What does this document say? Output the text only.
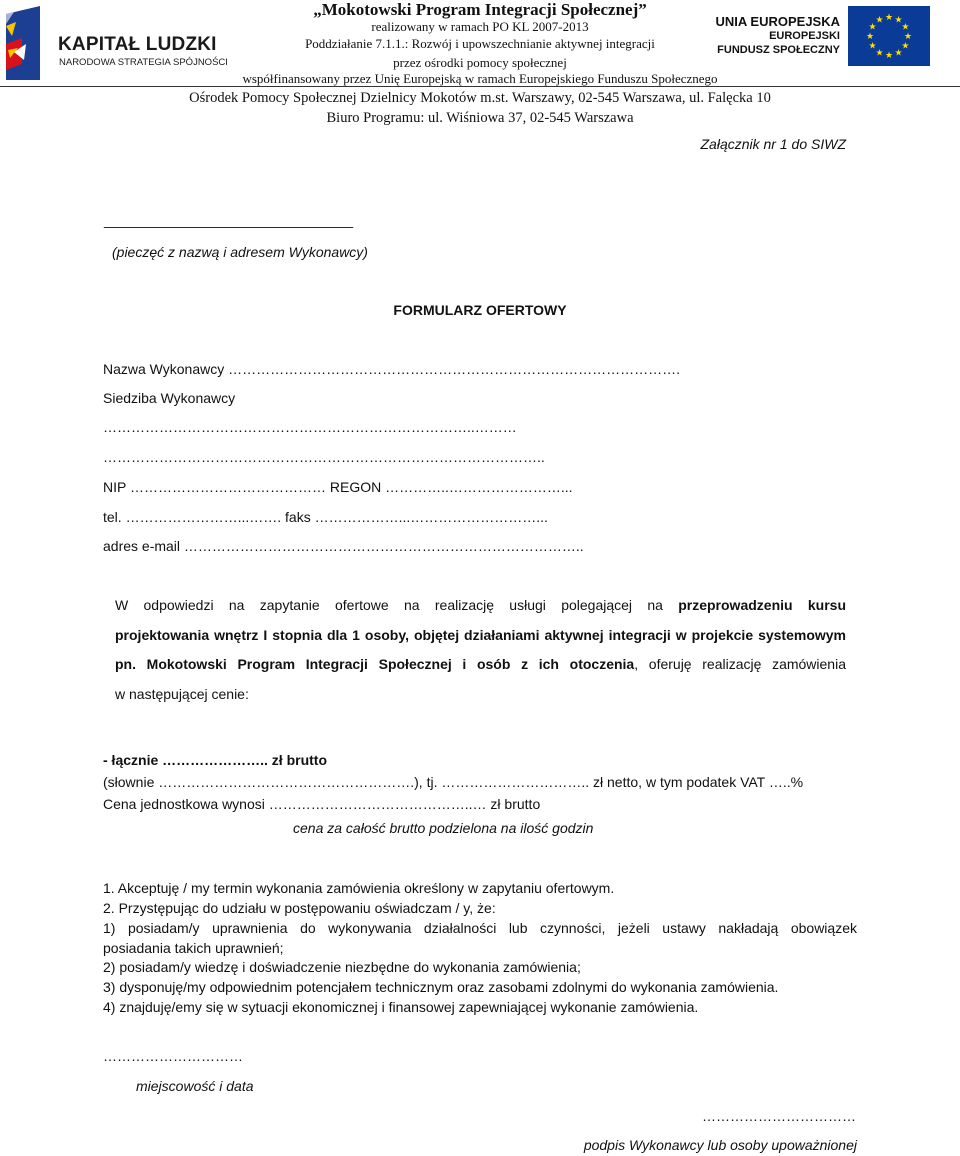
KAPITAŁ LUDZKI
NARODOWA STRATEGIA SPÓJNOŚCI
„Mokotowski Program Integracji Społecznej”
realizowany w ramach PO KL 2007-2013
Poddziałanie 7.1.1.: Rozwój i upowszechnianie aktywnej integracji
przez ośrodki pomocy społecznej
współfinansowany przez Unię Europejską w ramach Europejskiego Funduszu Społecznego
Ośrodek Pomocy Społecznej Dzielnicy Mokotów m.st. Warszawy, 02-545 Warszawa, ul. Falęcka 10
Biuro Programu: ul. Wiśniowa 37, 02-545 Warszawa
UNIA EUROPEJSKA
EUROPEJSKI
FUNDUSZ SPOŁECZNY
★
★
★
★
★
★
★
★
★ ★ ★
★
Załącznik nr 1 do SIWZ
________________________________
(pieczęć z nazwą i adresem Wykonawcy)
FORMULARZ OFERTOWY
Nazwa Wykonawcy …………………………………………………………………………………….
Siedziba Wykonawcy
……………………………………………………………………..………
…………………………………………………………………………………..
NIP …………………………………… REGON …………..……………………...
tel. ……………………...……. faks ………………...………………………...
adres e-mail …………………………………………………………………………..
W odpowiedzi na zapytanie ofertowe na realizację usługi polegającej na przeprowadzeniu kursu
projektowania wnętrz I stopnia dla 1 osoby, objętej działaniami aktywnej integracji w projekcie systemowym
pn. Mokotowski Program Integracji Społecznej i osób z ich otoczenia, oferuję realizację zamówienia
w następującej cenie:
- łącznie ………………….. zł brutto
(słownie ……………………………………………….), tj. ………………………….. zł netto, w tym podatek VAT …..%
Cena jednostkowa wynosi ……………………………………..… zł brutto
cena za całość brutto podzielona na ilość godzin
1. Akceptuję / my termin wykonania zamówienia określony w zapytaniu ofertowym.
2. Przystępując do udziału w postępowaniu oświadczam / y, że:
1) posiadam/y uprawnienia do wykonywania działalności lub czynności, jeżeli ustawy nakładają obowiązek
posiadania takich uprawnień;
2) posiadam/y wiedzę i doświadczenie niezbędne do wykonania zamówienia;
3) dysponuję/my odpowiednim potencjałem technicznym oraz zasobami zdolnymi do wykonania zamówienia.
4) znajduję/emy się w sytuacji ekonomicznej i finansowej zapewniającej wykonanie zamówienia.
…………………………
miejscowość i data
……………………………
podpis Wykonawcy lub osoby upoważnionej
